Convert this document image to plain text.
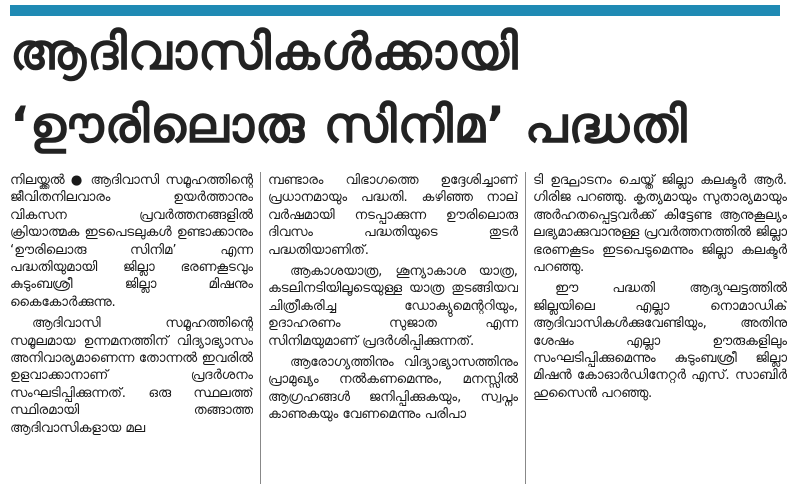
ആദിവാസികൾക്കായി
‘ഊരിലൊരു സിനിമ’ പദ്ധതി

നിലയ്ക്കൽ ● ആദിവാസി സമൂഹത്തിന്റെ ജീവിതനിലവാരം ഉയർത്താനും വികസന പ്രവർത്തനങ്ങളിൽ ക്രിയാത്മക ഇടപെടലുകൾ ഉണ്ടാക്കാനും ‘ഊരിലൊരു സിനിമ’ എന്ന പദ്ധതിയുമായി ജില്ലാ ഭരണകൂടവും കുടുംബശ്രീ ജില്ലാ മിഷനും കൈകോർക്കുന്നു.

ആദിവാസി സമൂഹത്തിന്റെ സമൂലമായ ഉന്നമനത്തിന് വിദ്യാഭ്യാസം അനിവാര്യമാണെന്ന തോന്നൽ ഇവരിൽ ഉളവാക്കാനാണ് പ്രദർശനം സംഘടിപ്പിക്കുന്നത്. ഒരു സ്ഥലത്ത് സ്ഥിരമായി തങ്ങാത്ത ആദിവാസികളായ മല

മ്പണ്ടാരം വിഭാഗത്തെ ഉദ്ദേശിച്ചാണ് പ്രധാനമായും പദ്ധതി. കഴിഞ്ഞ നാല് വർഷമായി നടപ്പാക്കുന്ന ഊരിലൊരു ദിവസം പദ്ധതിയുടെ തുടർ പദ്ധതിയാണിത്.

ആകാശയാത്ര, ശൂന്യാകാശ യാത്ര, കടലിനടിയിലൂടെയുള്ള യാത്ര തുടങ്ങിയവ ചിത്രീകരിച്ച ഡോക്യുമെന്ററിയും, ഉദാഹരണം സുജാത എന്ന സിനിമയുമാണ് പ്രദർശിപ്പിക്കുന്നത്.

ആരോഗ്യത്തിനും വിദ്യാഭ്യാസത്തിനും പ്രാമുഖ്യം നൽകണമെന്നും, മനസ്സിൽ ആഗ്രഹങ്ങൾ ജനിപ്പിക്കുകയും, സ്വപ്നം കാണുകയും വേണമെന്നും പരിപാ

ടി ഉദ്ഘാടനം ചെയ്ത് ജില്ലാ കലക്ടർ ആർ. ഗിരിജ പറഞ്ഞു. കൃത്യമായും സുതാര്യമായും അർഹതപ്പെട്ടവർക്ക് കിട്ടേണ്ട ആനുകൂല്യം ലഭ്യമാക്കുവാനുള്ള പ്രവർത്തനത്തിൽ ജില്ലാ ഭരണകൂടം ഇടപെടുമെന്നും ജില്ലാ കലക്ടർ പറഞ്ഞു.

ഈ പദ്ധതി ആദ്യഘട്ടത്തിൽ ജില്ലയിലെ എല്ലാ നൊമാഡിക് ആദിവാസികൾക്കുവേണ്ടിയും, അതിനു ശേഷം എല്ലാ ഊരുകളിലും സംഘടിപ്പിക്കുമെന്നും കുടുംബശ്രീ ജില്ലാ മിഷൻ കോഓർഡിനേറ്റർ എസ്. സാബിർ ഹുസൈൻ പറഞ്ഞു.
